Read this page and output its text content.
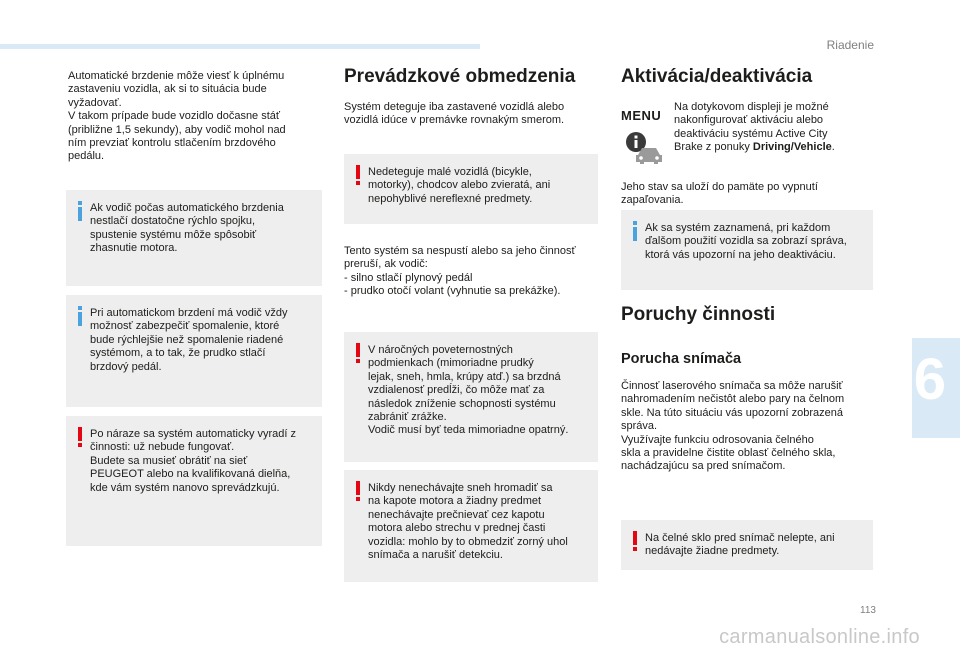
Riadenie
6

Automatické brzdenie môže viesť k úplnému
zastaveniu vozidla, ak si to situácia bude
vyžadovať.
V takom prípade bude vozidlo dočasne stáť
(približne 1,5 sekundy), aby vodič mohol nad
ním prevziať kontrolu stlačením brzdového
pedálu.

Ak vodič počas automatického brzdenia
nestlačí dostatočne rýchlo spojku,
spustenie systému môže spôsobiť
zhasnutie motora.

Pri automatickom brzdení má vodič vždy
možnosť zabezpečiť spomalenie, ktoré
bude rýchlejšie než spomalenie riadené
systémom, a to tak, že prudko stlačí
brzdový pedál.

Po náraze sa systém automaticky vyradí z
činnosti: už nebude fungovať.
Budete sa musieť obrátiť na sieť
PEUGEOT alebo na kvalifikovaná dielňa,
kde vám systém nanovo sprevádzkujú.

Prevádzkové obmedzenia

Systém deteguje iba zastavené vozidlá alebo
vozidlá idúce v premávke rovnakým smerom.

Nedeteguje malé vozidlá (bicykle,
motorky), chodcov alebo zvieratá, ani
nepohyblivé nereflexné predmety.

Tento systém sa nespustí alebo sa jeho činnosť
preruší, ak vodič:
- silno stlačí plynový pedál
- prudko otočí volant (vyhnutie sa prekážke).

V náročných poveternostných
podmienkach (mimoriadne prudký
lejak, sneh, hmla, krúpy atď.) sa brzdná
vzdialenosť predĺži, čo môže mať za
následok zníženie schopnosti systému
zabrániť zrážke.
Vodič musí byť teda mimoriadne opatrný.

Nikdy nenechávajte sneh hromadiť sa
na kapote motora a žiadny predmet
nenechávajte prečnievať cez kapotu
motora alebo strechu v prednej časti
vozidla: mohlo by to obmedziť zorný uhol
snímača a narušiť detekciu.

Aktivácia/deaktivácia
MENU

Na dotykovom displeji je možné
nakonfigurovať aktiváciu alebo
deaktiváciu systému Active City
Brake z ponuky Driving/Vehicle.

Jeho stav sa uloží do pamäte po vypnutí
zapaľovania.

Ak sa systém zaznamená, pri každom
ďalšom použití vozidla sa zobrazí správa,
ktorá vás upozorní na jeho deaktiváciu.

Poruchy činnosti
Porucha snímača

Činnosť laserového snímača sa môže narušiť
nahromadením nečistôt alebo pary na čelnom
skle. Na túto situáciu vás upozorní zobrazená
správa.
Využívajte funkciu odrosovania čelného
skla a pravidelne čistite oblasť čelného skla,
nachádzajúcu sa pred snímačom.

Na čelné sklo pred snímač nelepte, ani
nedávajte žiadne predmety.

113
carmanualsonline.info
